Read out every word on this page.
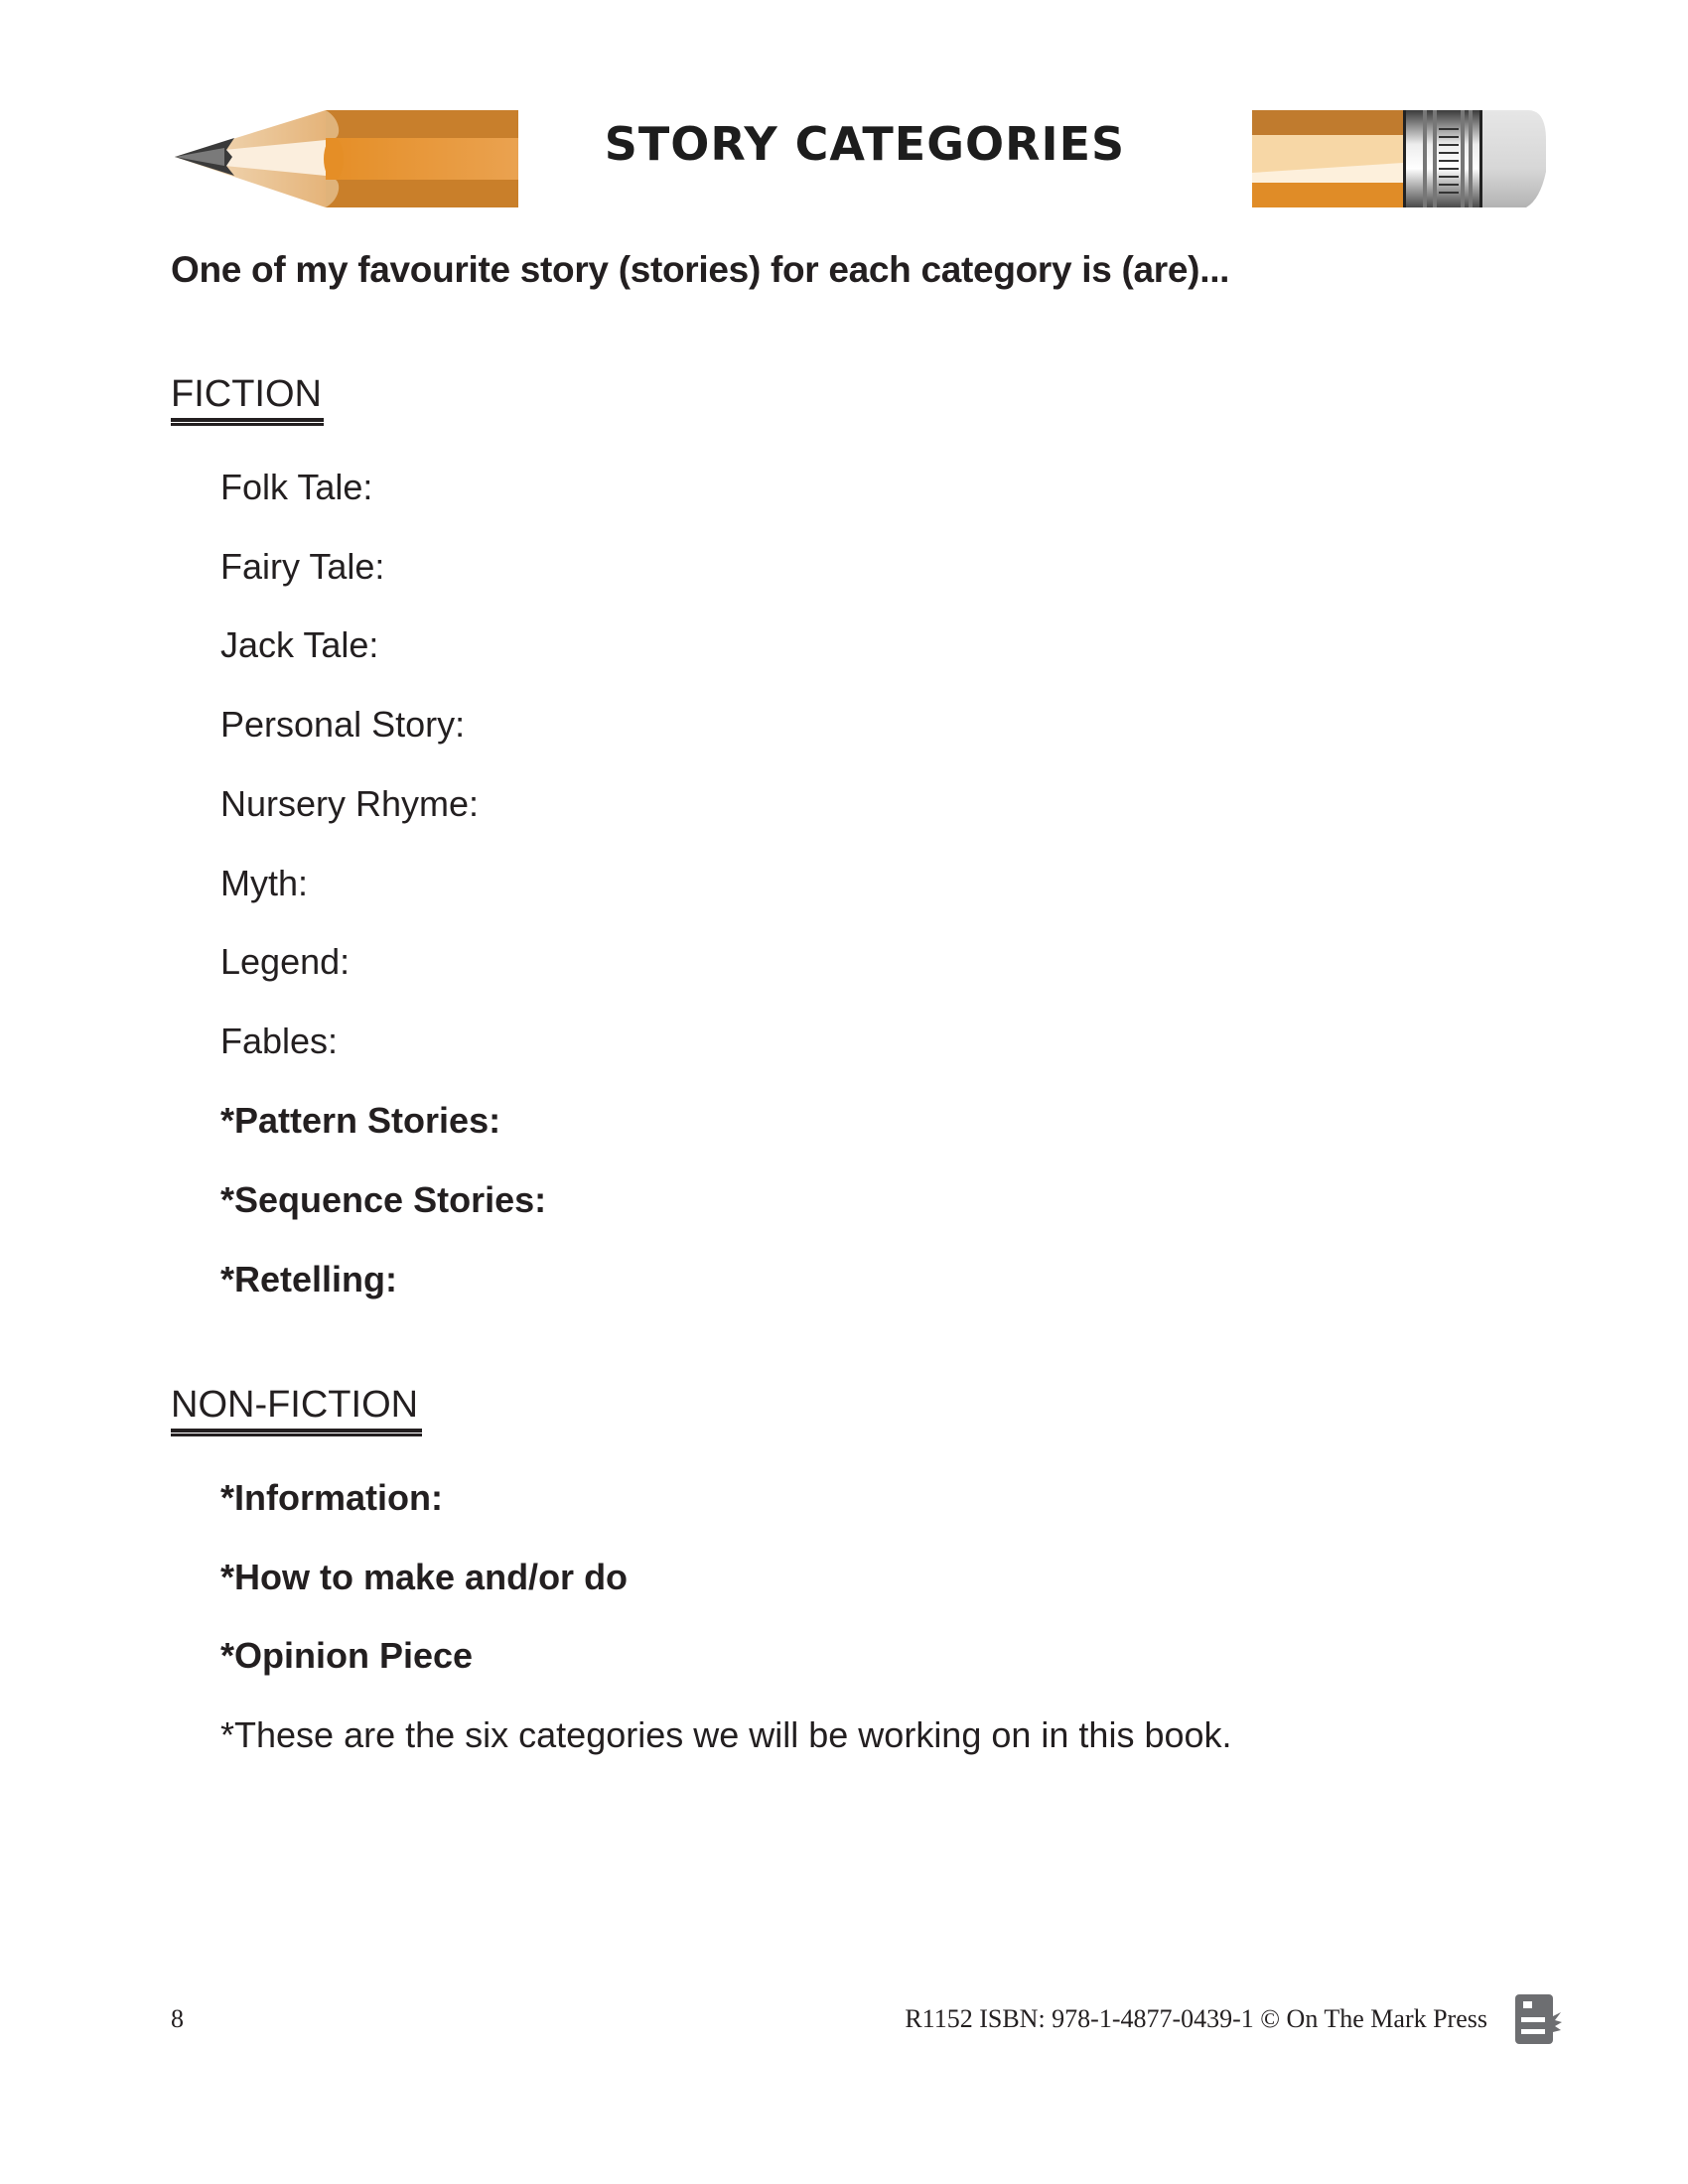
STORY CATEGORIES
One of my favourite story (stories) for each category is (are)...
FICTION
Folk Tale:
Fairy Tale:
Jack Tale:
Personal Story:
Nursery Rhyme:
Myth:
Legend:
Fables:
*Pattern Stories:
*Sequence Stories:
*Retelling:
NON-FICTION
*Information:
*How to make and/or do
*Opinion Piece
*These are the six categories we will be working on in this book.
8	R1152 ISBN: 978-1-4877-0439-1 © On The Mark Press
